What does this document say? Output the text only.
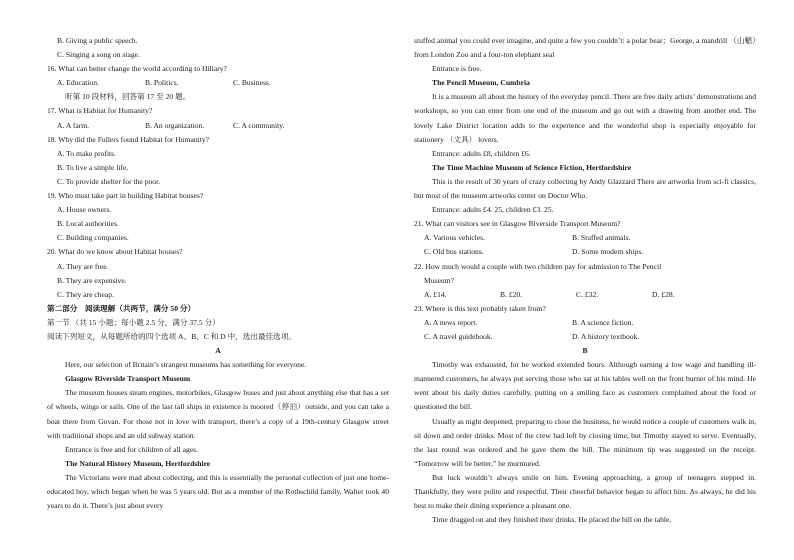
B. Giving a public speech.
C. Singing a song on stage.
16. What can better change the world according to Hillary?
A. Education.	B. Politics.	C. Business.
听第 10 段材料，回答第 17 至 20 题。
17. What is Habitat for Humanity?
A. A farm.	B. An organization.	C. A community.
18. Why did the Fullers found Habitat for Humanity?
A. To make profits.
B. To live a simple life.
C. To provide shelter for the poor.
19. Who must take part in building Habitat houses?
A. House owners.
B. Local authorities.
C. Building companies.
20. What do we know about Habitat houses?
A. They are free.
B. They are expensive.
C. They are cheap.
第二部分　阅读理解（共两节，满分 50 分）
第一节 （共 15 小题；每小题 2.5 分，满分 37.5 分）
阅读下列短文，从每题所给的四个选项 A、B、C 和 D 中，选出最佳选项。
A
Here, our selection of Britain’s strangest museums has something for everyone.
Glasgow Riverside Transport Museum
The museum houses steam engines, motorbikes, Glasgow buses and just about anything else that has a set of wheels, wings or sails. One of the last tall ships in existence is moored（停泊）outside, and you can take a boat there from Govan. For those not in love with transport, there’s a copy of a 19th-century Glasgow street with traditional shops and an old subway station.
Entrance is free and for children of all ages.
The Natural History Museum, Hertfordshire
The Victorians were mad about collecting, and this is essentially the personal collection of just one home-educated boy, which began when he was 5 years old. But as a member of the Rothschild family, Walter took 40 years to do it. There’s just about every
stuffed animal you could ever imagine, and quite a few you couldn’t: a polar bear；George, a mandrill （山魈）from London Zoo and a four-ton elephant seal
Entrance is free.
The Pencil Museum, Cumbria
It is a museum all about the history of the everyday pencil. There are free daily artists’ demonstrations and workshops, so you can enter from one end of the museum and go out with a drawing from another end. The lovely Lake District location adds to the experience and the wonderful shop is especially enjoyable for stationery （文具） lovers.
Entrance: adults £8, children £6.
The Time Machine Museum of Science Fiction, Hertfordshire
This is the result of 30 years of crazy collecting by Andy Glazzard There are artworks from sci-fi classics, but most of the museum artworks center on Doctor Who.
Entrance: adults £4. 25, children £3. 25.
21. What can visitors see in Glasgow Riverside Transport Museum?
A. Various vehicles.	B. Stuffed animals.
C. Old bus stations.	D. Some modern ships.
22. How much would a couple with two children pay for admission to The Pencil
Museum?
A. £14.	B. £20.	C. £32.	D. £28.
23. Where is this text probably taken from?
A. A news report.	B. A science fiction.
C. A travel guidebook.	D. A history textbook.
B
Timothy was exhausted, for he worked extended hours. Although earning a low wage and handling ill-mannered customers, he always put serving those who sat at his tables well on the front burner of his mind. He went about his daily duties carefully, putting on a smiling face as customers complained about the food or questioned the bill.
Usually as night deepened, preparing to close the business, he would notice a couple of customers walk in, sit down and order drinks. Most of the crew had left by closing time, but Timothy stayed to serve. Eventually, the last round was ordered and he gave them the bill. The minimum tip was suggested on the receipt. “Tomorrow will be better,” he murmured.
But luck wouldn’t always smile on him. Evening approaching, a group of teenagers stepped in. Thankfully, they were polite and respectful. Their cheerful behavior began to affect him. As always, he did his best to make their dining experience a pleasant one.
Time dragged on and they finished their drinks. He placed the bill on the table,
